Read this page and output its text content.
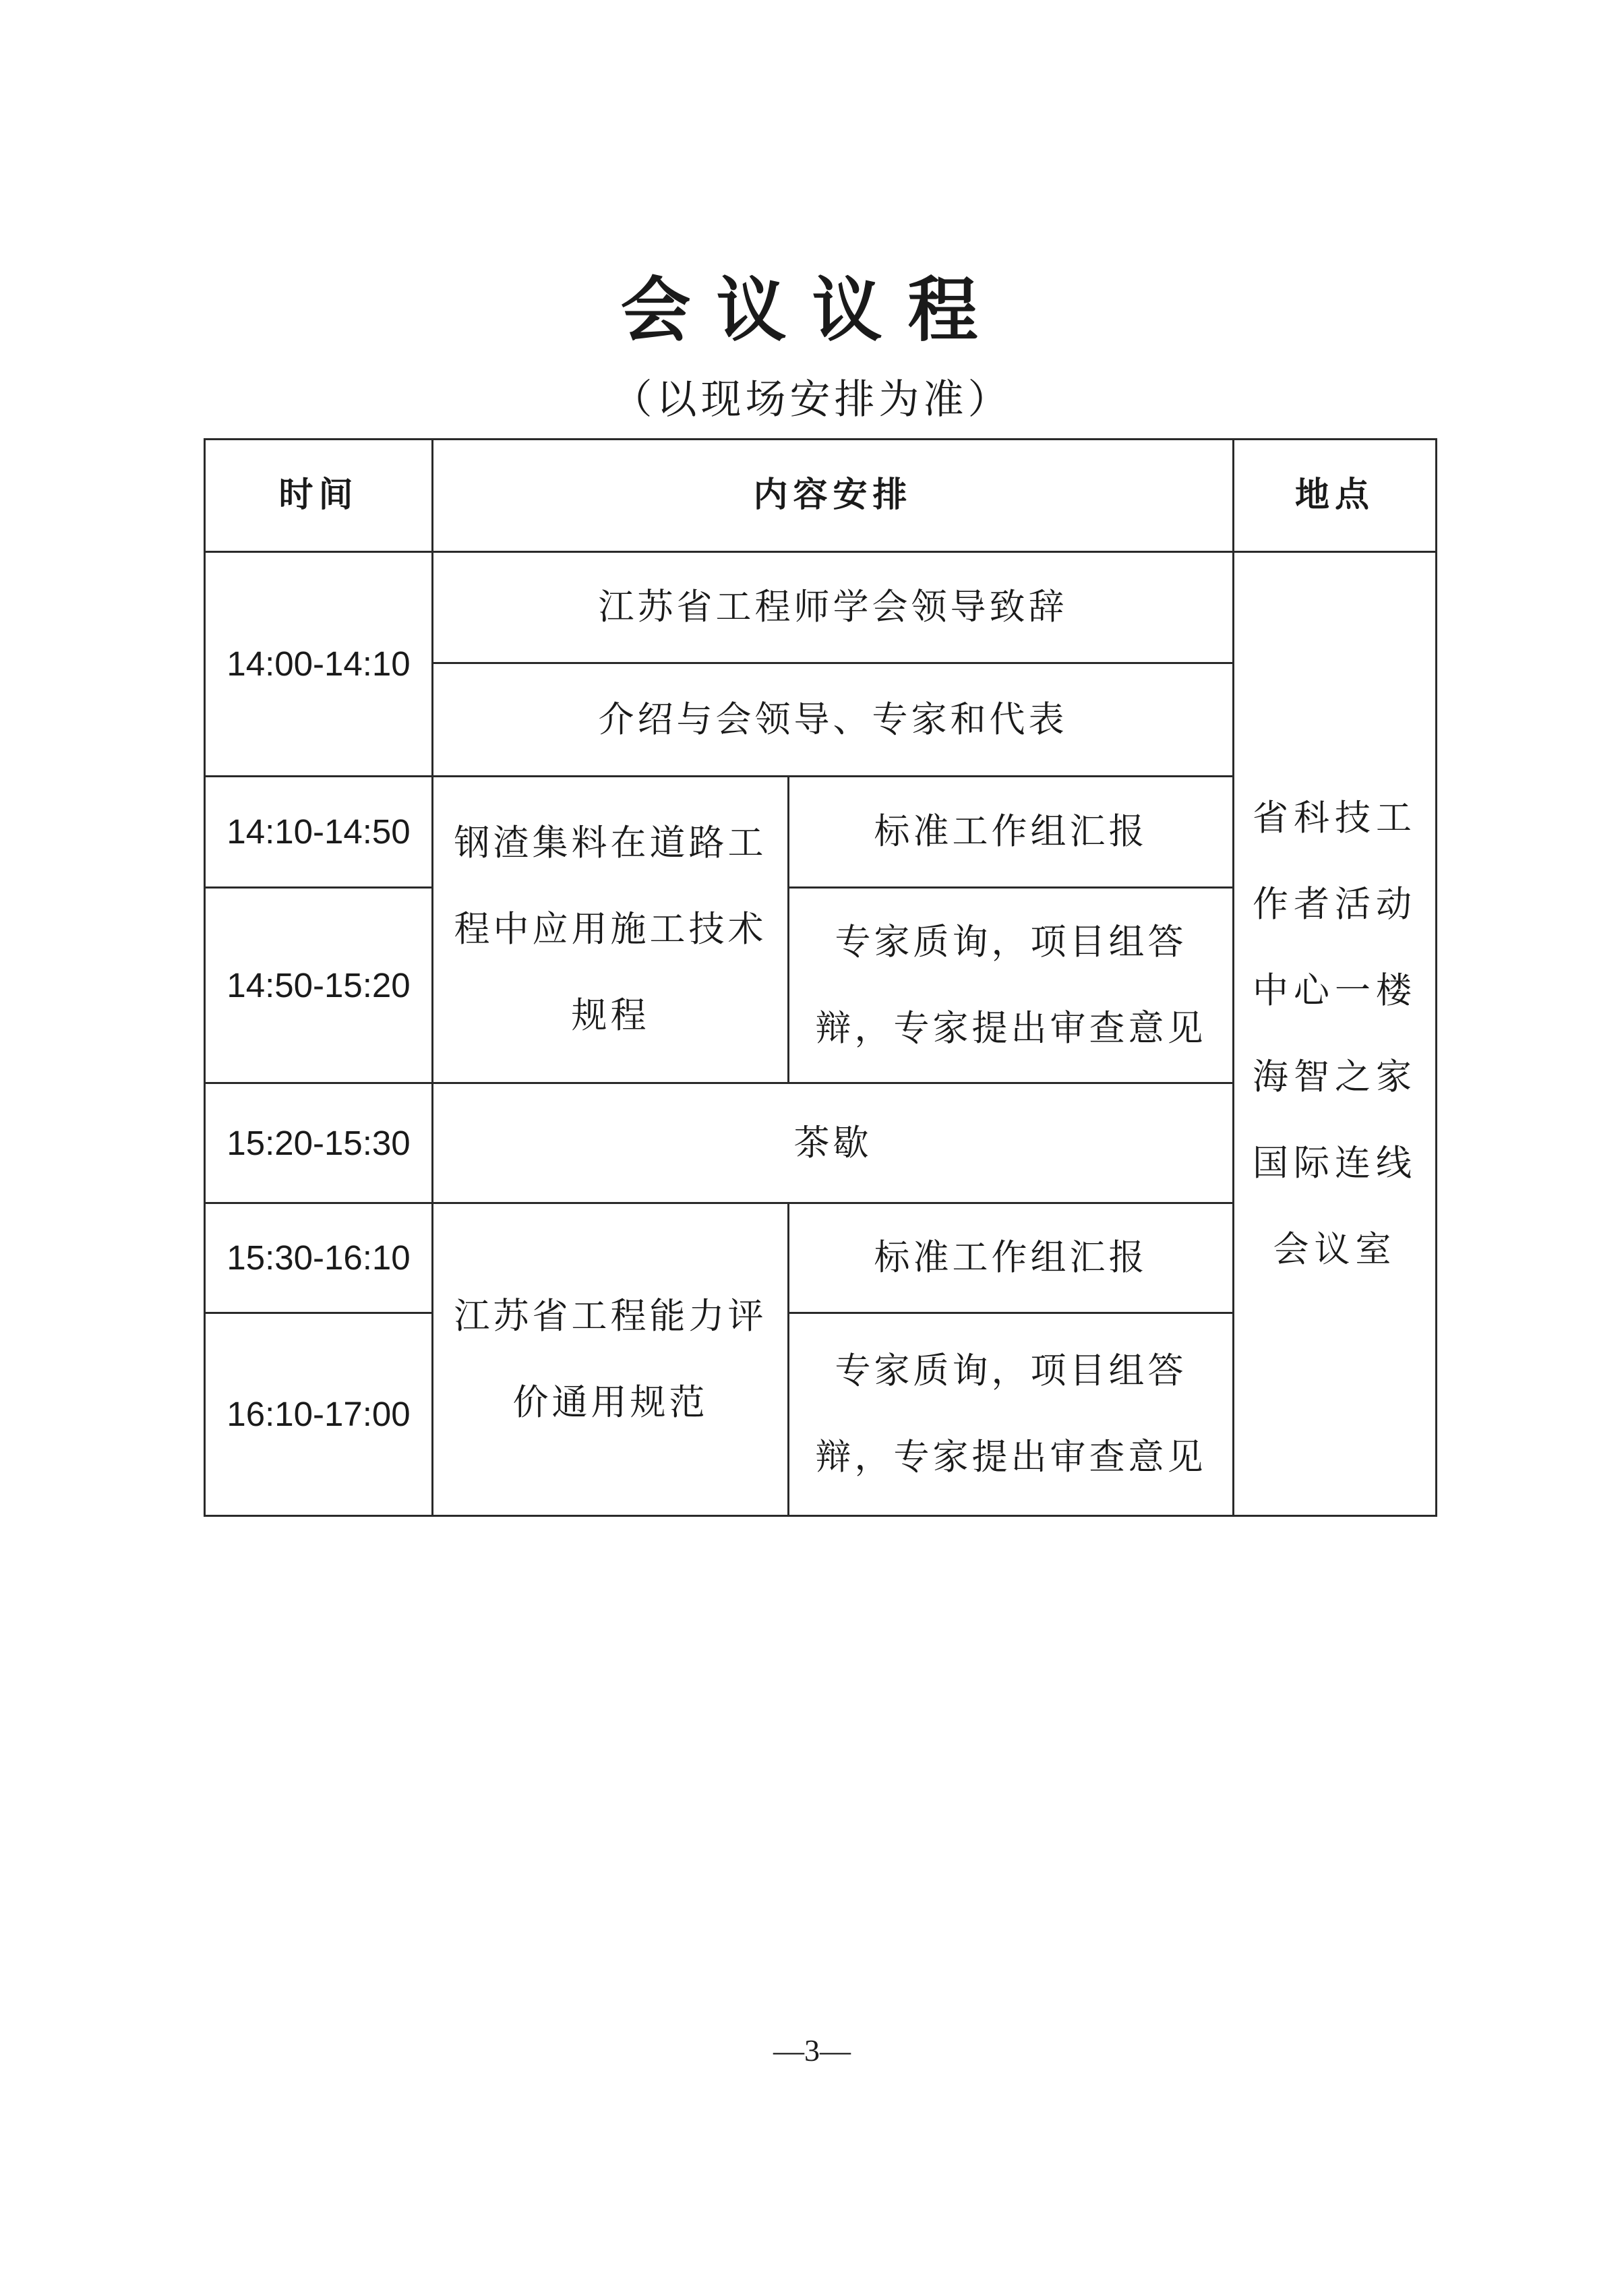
会议议程
（以现场安排为准）
时间	内容安排		地点
14:00-14:10	江苏省工程师学会领导致辞		省科技工作者活动中心一楼海智之家国际连线会议室
	介绍与会领导、专家和代表		
14:10-14:50	钢渣集料在道路工程中应用施工技术规程	标准工作组汇报	
14:50-15:20		专家质询，项目组答辩，专家提出审查意见	
15:20-15:30	茶歇		
15:30-16:10	江苏省工程能力评价通用规范	标准工作组汇报	
16:10-17:00		专家质询，项目组答辩，专家提出审查意见	
—3—
